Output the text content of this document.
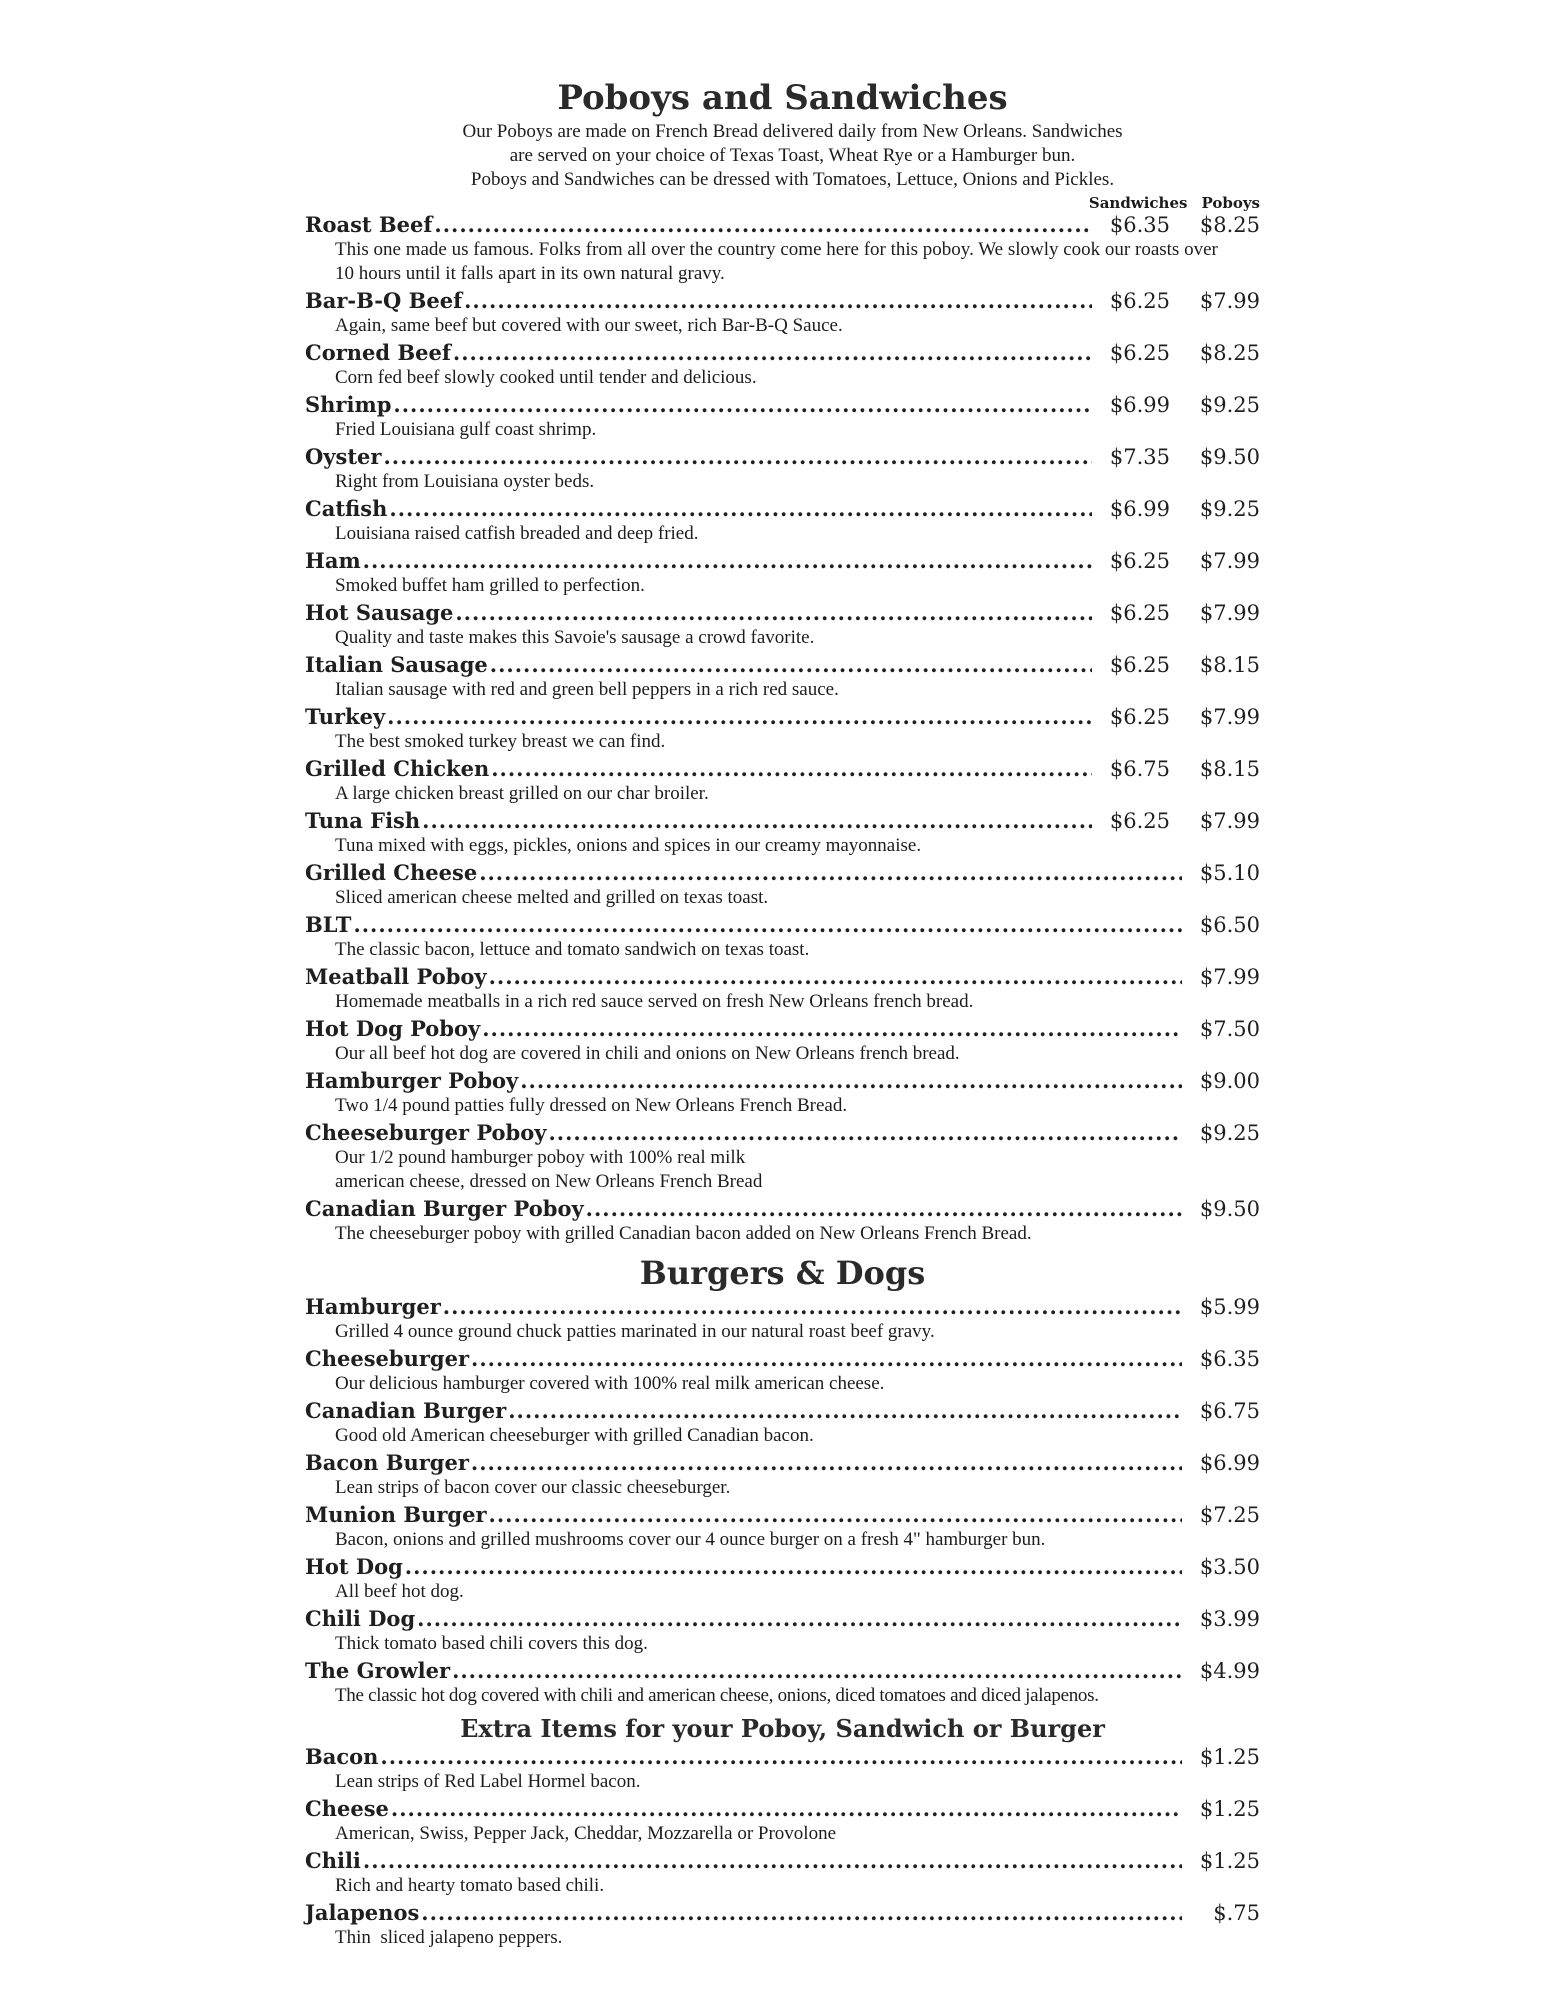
Poboys and Sandwiches
Our Poboys are made on French Bread delivered daily from New Orleans. Sandwiches
are served on your choice of Texas Toast, Wheat Rye or a Hamburger bun.
Poboys and Sandwiches can be dressed with Tomatoes, Lettuce, Onions and Pickles.
Sandwiches Poboys
Roast Beef .....	$6.35	$8.25
This one made us famous. Folks from all over the country come here for this poboy. We slowly cook our roasts over 10 hours until it falls apart in its own natural gravy.
Bar-B-Q Beef .....	$6.25	$7.99
Again, same beef but covered with our sweet, rich Bar-B-Q Sauce.
Corned Beef .....	$6.25	$8.25
Corn fed beef slowly cooked until tender and delicious.
Shrimp .....	$6.99	$9.25
Fried Louisiana gulf coast shrimp.
Oyster .....	$7.35	$9.50
Right from Louisiana oyster beds.
Catfish .....	$6.99	$9.25
Louisiana raised catfish breaded and deep fried.
Ham .....	$6.25	$7.99
Smoked buffet ham grilled to perfection.
Hot Sausage .....	$6.25	$7.99
Quality and taste makes this Savoie's sausage a crowd favorite.
Italian Sausage .....	$6.25	$8.15
Italian sausage with red and green bell peppers in a rich red sauce.
Turkey .....	$6.25	$7.99
The best smoked turkey breast we can find.
Grilled Chicken .....	$6.75	$8.15
A large chicken breast grilled on our char broiler.
Tuna Fish .....	$6.25	$7.99
Tuna mixed with eggs, pickles, onions and spices in our creamy mayonnaise.
Grilled Cheese .....	$5.10
Sliced american cheese melted and grilled on texas toast.
BLT .....	$6.50
The classic bacon, lettuce and tomato sandwich on texas toast.
Meatball Poboy .....	$7.99
Homemade meatballs in a rich red sauce served on fresh New Orleans french bread.
Hot Dog Poboy .....	$7.50
Our all beef hot dog are covered in chili and onions on New Orleans french bread.
Hamburger Poboy .....	$9.00
Two 1/4 pound patties fully dressed on New Orleans French Bread.
Cheeseburger Poboy .....	$9.25
Our 1/2 pound hamburger poboy with 100% real milk american cheese, dressed on New Orleans French Bread
Canadian Burger Poboy .....	$9.50
The cheeseburger poboy with grilled Canadian bacon added on New Orleans French Bread.
Burgers & Dogs
Hamburger .....	$5.99
Grilled 4 ounce ground chuck patties marinated in our natural roast beef gravy.
Cheeseburger .....	$6.35
Our delicious hamburger covered with 100% real milk american cheese.
Canadian Burger .....	$6.75
Good old American cheeseburger with grilled Canadian bacon.
Bacon Burger .....	$6.99
Lean strips of bacon cover our classic cheeseburger.
Munion Burger .....	$7.25
Bacon, onions and grilled mushrooms cover our 4 ounce burger on a fresh 4" hamburger bun.
Hot Dog .....	$3.50
All beef hot dog.
Chili Dog .....	$3.99
Thick tomato based chili covers this dog.
The Growler .....	$4.99
The classic hot dog covered with chili and american cheese, onions, diced tomatoes and diced jalapenos.
Extra Items for your Poboy, Sandwich or Burger
Bacon .....	$1.25
Lean strips of Red Label Hormel bacon.
Cheese .....	$1.25
American, Swiss, Pepper Jack, Cheddar, Mozzarella or Provolone
Chili .....	$1.25
Rich and hearty tomato based chili.
Jalapenos .....	$.75
Thin  sliced jalapeno peppers.
